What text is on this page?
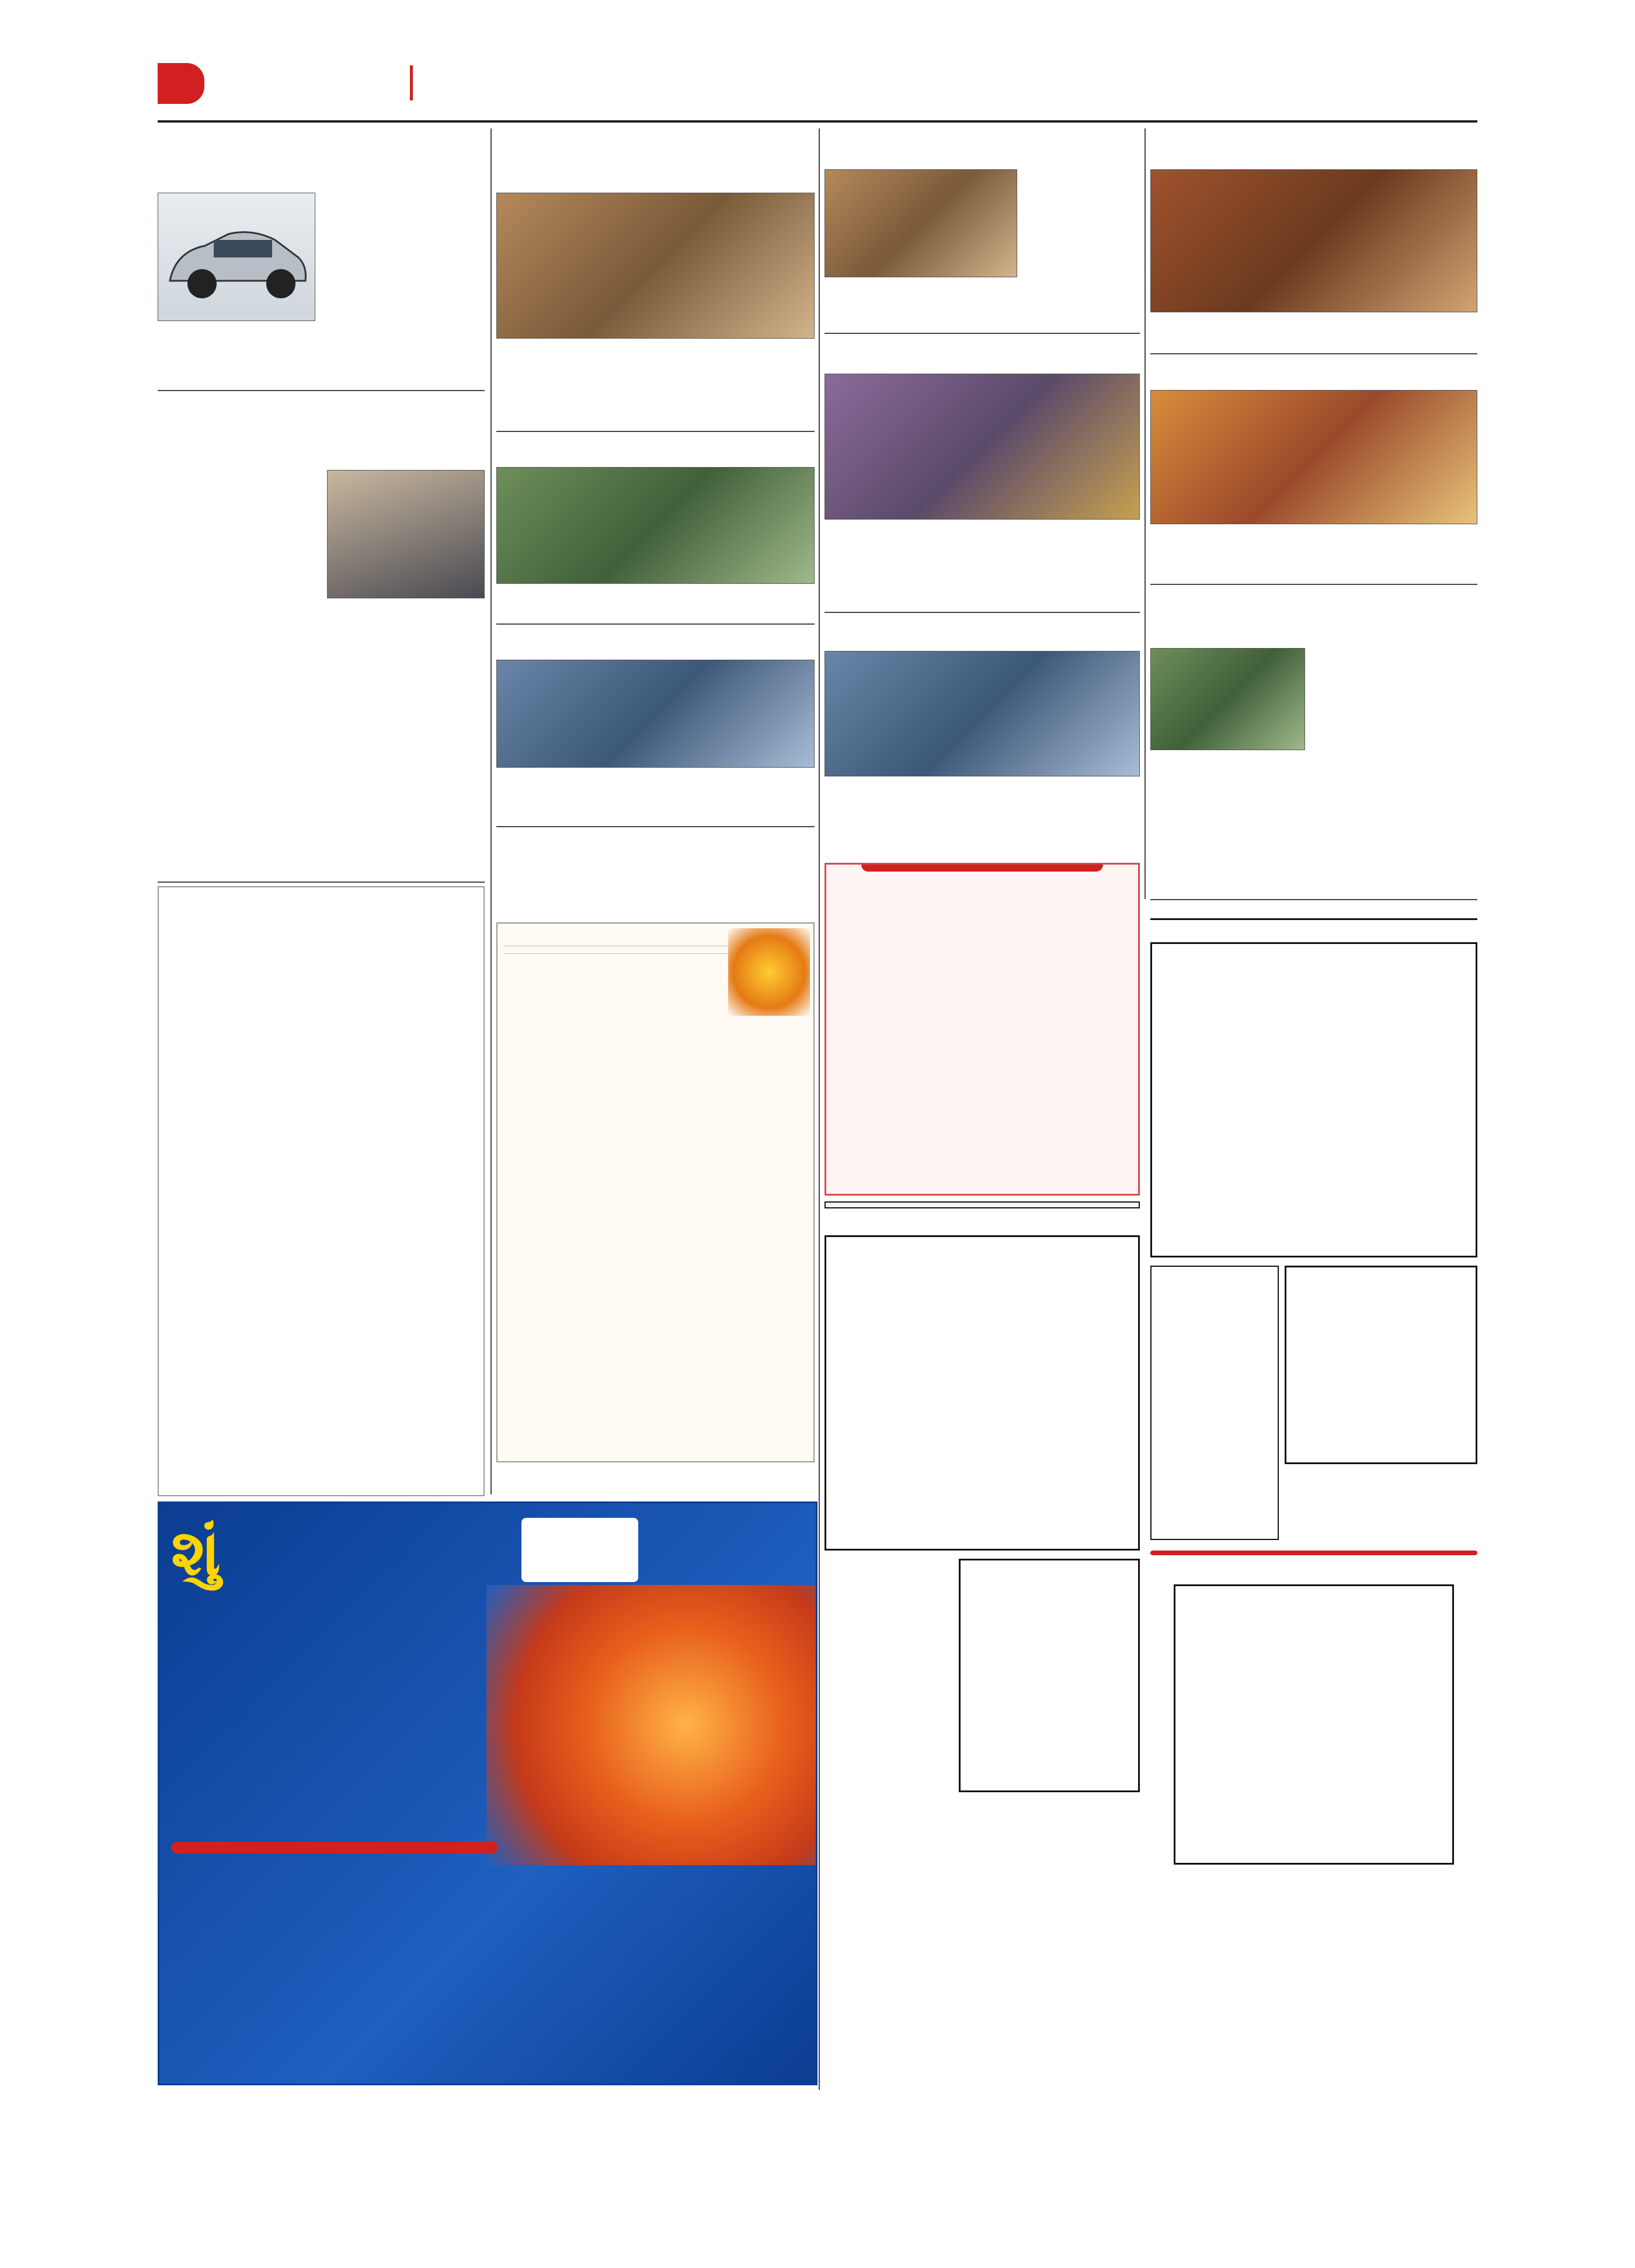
શું
